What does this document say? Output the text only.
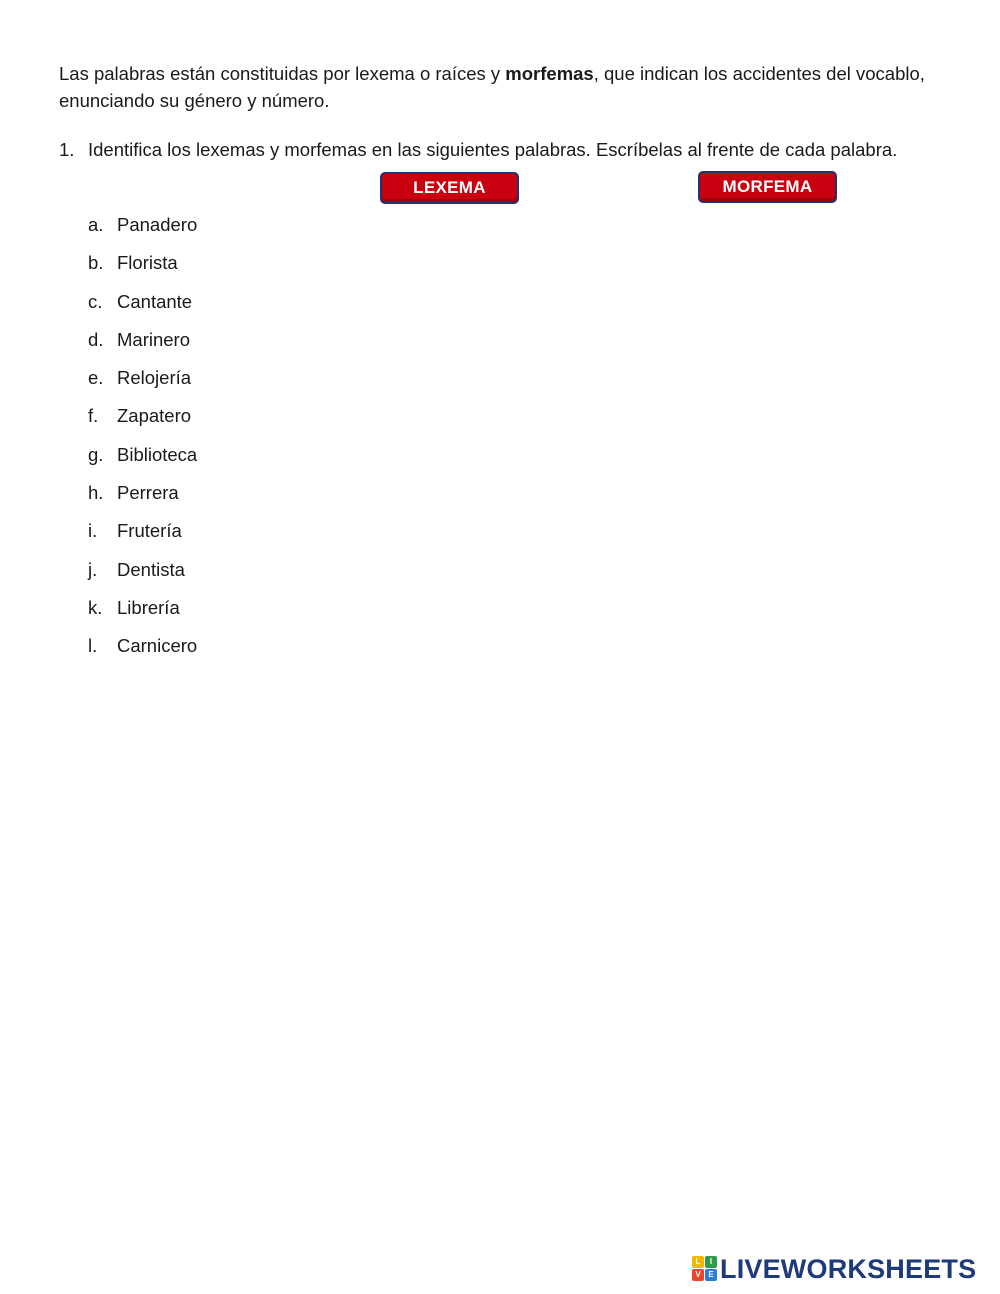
Las palabras están constituidas por lexema o raíces y morfemas, que indican los accidentes del vocablo, enunciando su género y número.

1. Identifica los lexemas y morfemas en las siguientes palabras. Escríbelas al frente de cada palabra.

LEXEMA	MORFEMA
a. Panadero
b. Florista
c. Cantante
d. Marinero
e. Relojería
f.	Zapatero
g. Biblioteca
h. Perrera
i.	Frutería
j.	Dentista
k. Librería
l.	Carnicero
L	I
V E LIVEWORKSHEETS
